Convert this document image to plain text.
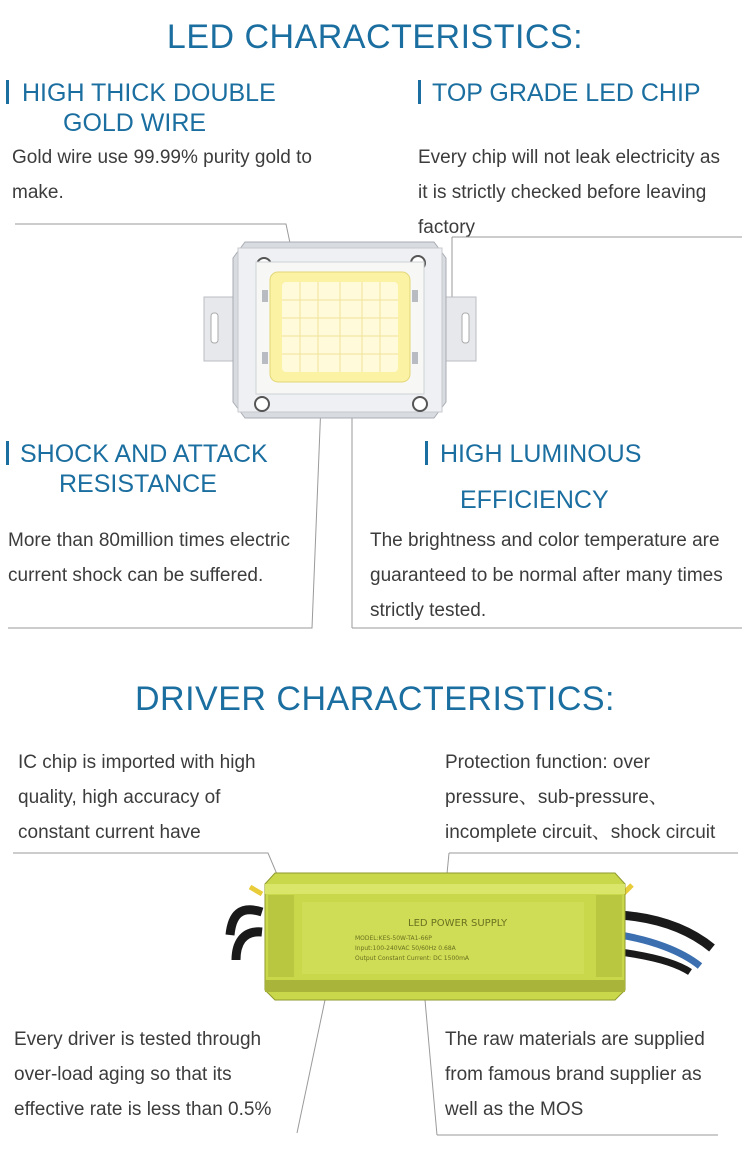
LED CHARACTERISTICS:
HIGH THICK DOUBLE
GOLD WIRE
Gold wire use 99.99% purity gold to
make.
TOP GRADE LED CHIP
Every chip will not leak electricity as
it is strictly checked before leaving
factory
SHOCK AND ATTACK
RESISTANCE
More than 80million times electric
current shock can be suffered.
HIGH LUMINOUS
EFFICIENCY
The brightness and color temperature are
guaranteed to be normal after many times
strictly tested.
DRIVER CHARACTERISTICS:
IC chip is imported with high
quality, high accuracy of
constant current have
Protection function: over
pressure、sub-pressure、
incomplete circuit、shock circuit
Every driver is tested through
over-load aging so that its
effective rate is less than 0.5%
The raw materials are supplied
from famous brand supplier as
well as the MOS
LED POWER SUPPLY
MODEL:KES-50W-TA1-66P
Input:100-240VAC 50/60Hz 0.68A
Output Constant Current: DC 1500mA
